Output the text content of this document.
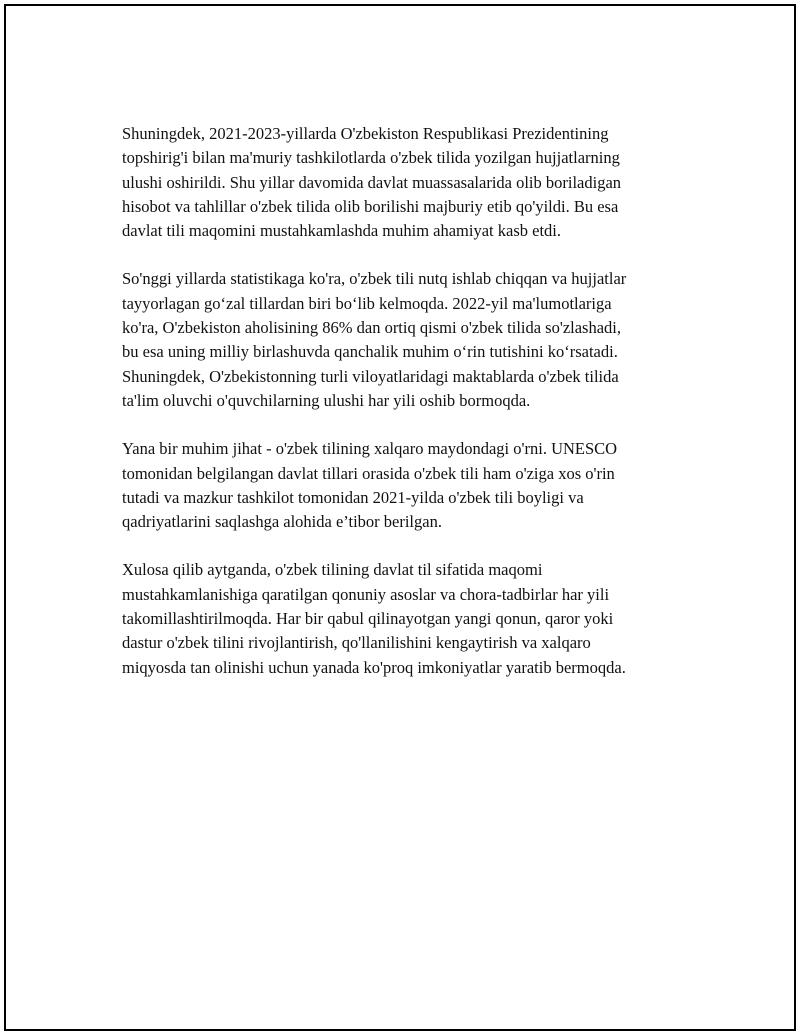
Shuningdek, 2021-2023-yillarda O'zbekiston Respublikasi Prezidentining
topshirig'i bilan ma'muriy tashkilotlarda o'zbek tilida yozilgan hujjatlarning
ulushi oshirildi. Shu yillar davomida davlat muassasalarida olib boriladigan
hisobot va tahlillar o'zbek tilida olib borilishi majburiy etib qo'yildi. Bu esa
davlat tili maqomini mustahkamlashda muhim ahamiyat kasb etdi.

So'nggi yillarda statistikaga ko'ra, o'zbek tili nutq ishlab chiqqan va hujjatlar
tayyorlagan go‘zal tillardan biri bo‘lib kelmoqda. 2022-yil ma'lumotlariga
ko'ra, O'zbekiston aholisining 86% dan ortiq qismi o'zbek tilida so'zlashadi,
bu esa uning milliy birlashuvda qanchalik muhim o‘rin tutishini ko‘rsatadi.
Shuningdek, O'zbekistonning turli viloyatlaridagi maktablarda o'zbek tilida
ta'lim oluvchi o'quvchilarning ulushi har yili oshib bormoqda.

Yana bir muhim jihat - o'zbek tilining xalqaro maydondagi o'rni. UNESCO
tomonidan belgilangan davlat tillari orasida o'zbek tili ham o'ziga xos o'rin
tutadi va mazkur tashkilot tomonidan 2021-yilda o'zbek tili boyligi va
qadriyatlarini saqlashga alohida e’tibor berilgan.

Xulosa qilib aytganda, o'zbek tilining davlat til sifatida maqomi
mustahkamlanishiga qaratilgan qonuniy asoslar va chora-tadbirlar har yili
takomillashtirilmoqda. Har bir qabul qilinayotgan yangi qonun, qaror yoki
dastur o'zbek tilini rivojlantirish, qo'llanilishini kengaytirish va xalqaro
miqyosda tan olinishi uchun yanada ko'proq imkoniyatlar yaratib bermoqda.
